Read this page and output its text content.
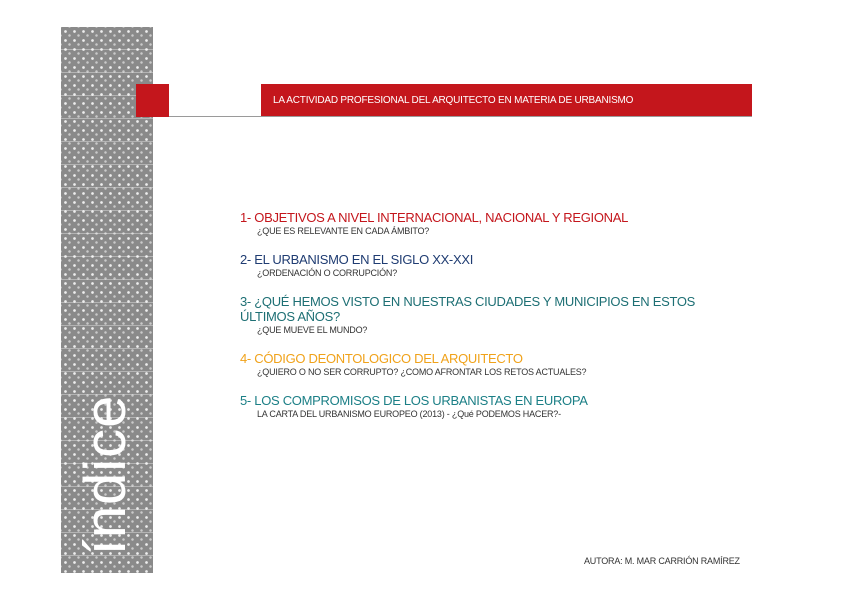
índice
LA ACTIVIDAD PROFESIONAL DEL ARQUITECTO EN MATERIA DE URBANISMO
1- OBJETIVOS A NIVEL INTERNACIONAL, NACIONAL Y REGIONAL
¿QUE ES RELEVANTE EN CADA ÁMBITO?
2- EL URBANISMO EN EL SIGLO XX-XXI
¿ORDENACIÓN O CORRUPCIÓN?
3- ¿QUÉ HEMOS VISTO EN NUESTRAS CIUDADES Y MUNICIPIOS EN ESTOS ÚLTIMOS AÑOS?
¿QUE MUEVE EL MUNDO?
4- CÓDIGO DEONTOLOGICO DEL ARQUITECTO
¿QUIERO O NO SER CORRUPTO? ¿COMO AFRONTAR LOS RETOS ACTUALES?
5- LOS COMPROMISOS DE LOS URBANISTAS EN EUROPA
LA CARTA DEL URBANISMO EUROPEO (2013) - ¿Qué PODEMOS HACER?-
AUTORA: M. MAR CARRIÓN RAMÍREZ
